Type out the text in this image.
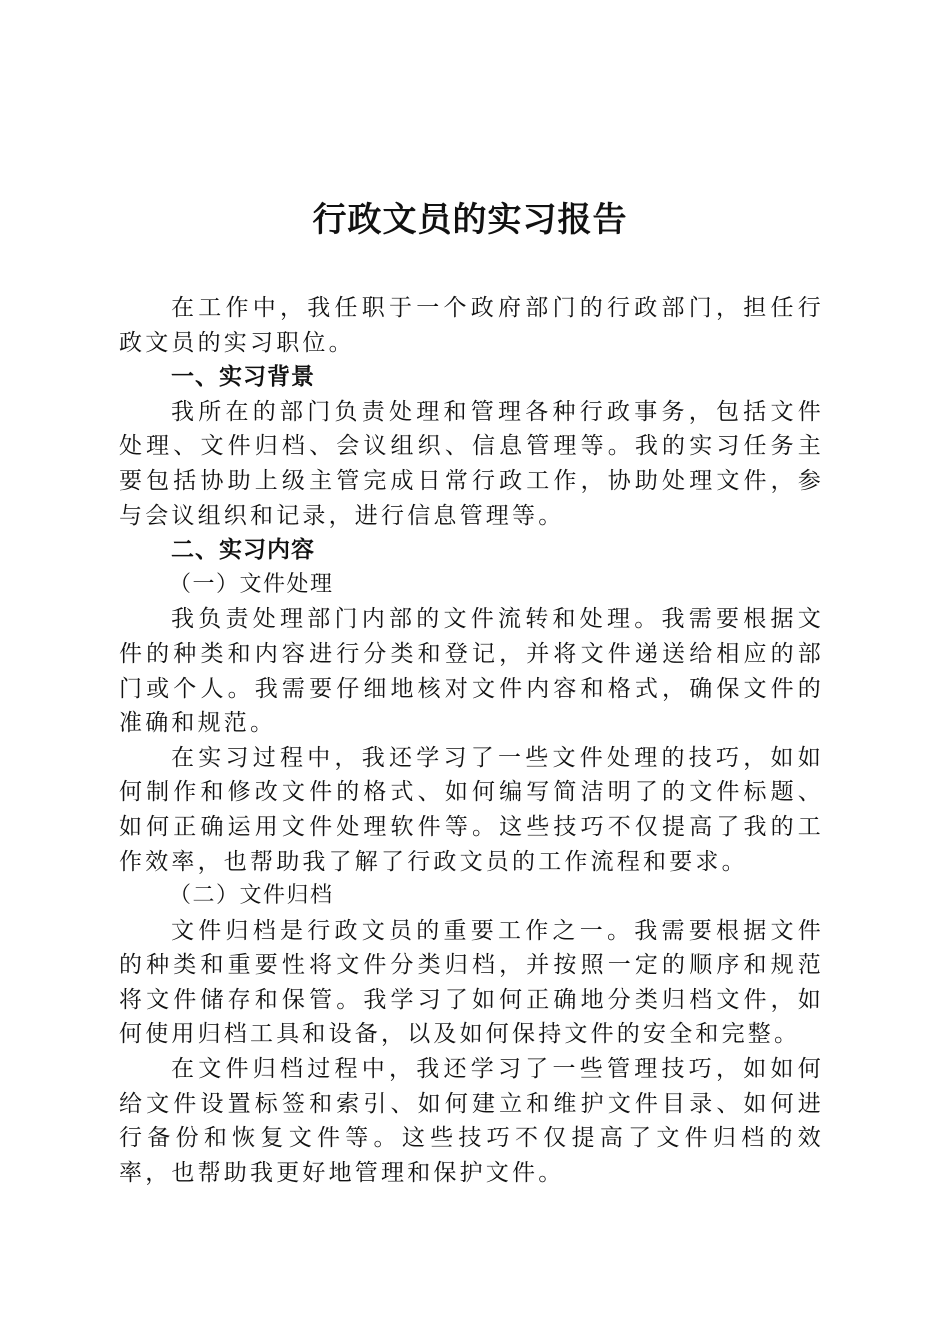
行政文员的实习报告

在工作中，我任职于一个政府部门的行政部门，担任行政文员的实习职位。

一、实习背景

我所在的部门负责处理和管理各种行政事务，包括文件处理、文件归档、会议组织、信息管理等。我的实习任务主要包括协助上级主管完成日常行政工作，协助处理文件，参与会议组织和记录，进行信息管理等。

二、实习内容

（一）文件处理

我负责处理部门内部的文件流转和处理。我需要根据文件的种类和内容进行分类和登记，并将文件递送给相应的部门或个人。我需要仔细地核对文件内容和格式，确保文件的准确和规范。

在实习过程中，我还学习了一些文件处理的技巧，如如何制作和修改文件的格式、如何编写简洁明了的文件标题、如何正确运用文件处理软件等。这些技巧不仅提高了我的工作效率，也帮助我了解了行政文员的工作流程和要求。

（二）文件归档

文件归档是行政文员的重要工作之一。我需要根据文件的种类和重要性将文件分类归档，并按照一定的顺序和规范将文件储存和保管。我学习了如何正确地分类归档文件，如何使用归档工具和设备，以及如何保持文件的安全和完整。

在文件归档过程中，我还学习了一些管理技巧，如如何给文件设置标签和索引、如何建立和维护文件目录、如何进行备份和恢复文件等。这些技巧不仅提高了文件归档的效率，也帮助我更好地管理和保护文件。
